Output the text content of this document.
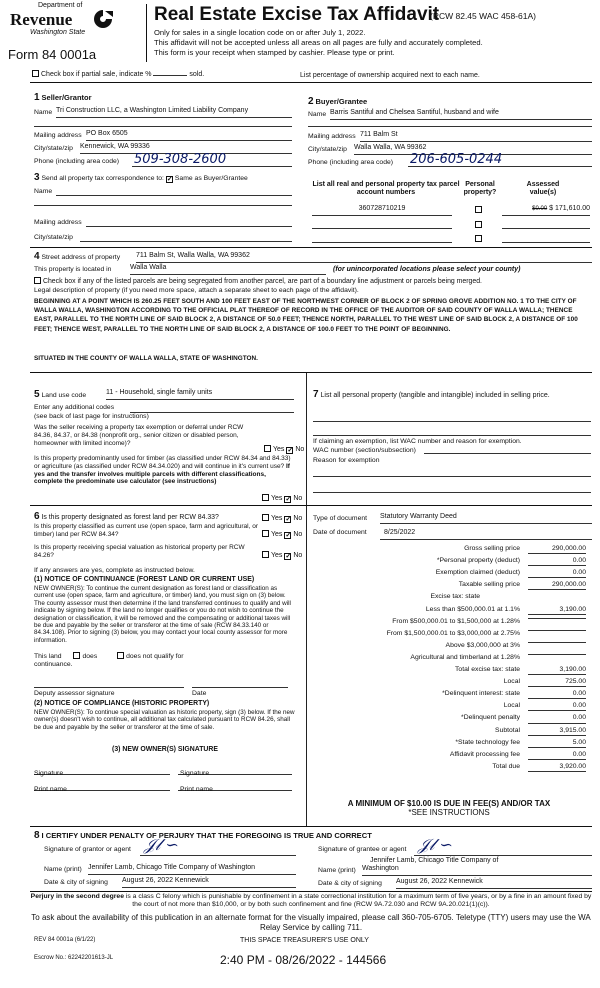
Department of
Revenue
Washington State
Form 84 0001a
Real Estate Excise Tax Affidavit
(RCW 82.45 WAC 458-61A)
Only for sales in a single location code on or after July 1, 2022.
This affidavit will not be accepted unless all areas on all pages are fully and accurately completed.
This form is your receipt when stamped by cashier. Please type or print.
Check box if partial sale, indicate %	sold.	List percentage of ownership acquired next to each name.
1 Seller/Grantor
Name Tri Construction LLC, a Washington Limited Liability Company
Mailing address PO Box 6505
City/state/zip Kennewick, WA 99336
Phone (including area code) 509-308-2600
2 Buyer/Grantee
Name Barris Santiful and Chelsea Santiful, husband and wife
Mailing address 711 Balm St
City/state/zip Walla Walla, WA 99362
Phone (including area code) 206-605-0244
3 Send all property tax correspondence to: ✓ Same as Buyer/Grantee
Name
Mailing address
City/state/zip
List all real and personal property tax parcel account numbers
Personal property?
Assessed value(s)
360728710219	$0.00 $ 171,610.00
4 Street address of property 711 Balm St, Walla Walla, WA 99362
This property is located in	Walla Walla	(for unincorporated locations please select your county)
Check box if any of the listed parcels are being segregated from another parcel, are part of a boundary line adjustment or parcels being merged.
Legal description of property (if you need more space, attach a separate sheet to each page of the affidavit).
BEGINNING AT A POINT WHICH IS 260.25 FEET SOUTH AND 100 FEET EAST OF THE NORTHWEST CORNER OF BLOCK 2 OF SPRING GROVE ADDITION NO. 1 TO THE CITY OF WALLA WALLA, WASHINGTON ACCORDING TO THE OFFICIAL PLAT THEREOF OF RECORD IN THE OFFICE OF THE AUDITOR OF SAID COUNTY OF WALLA WALLA; THENCE EAST, PARALLEL TO THE NORTH LINE OF SAID BLOCK 2, A DISTANCE OF 50.0 FEET; THENCE NORTH, PARALLEL TO THE WEST LINE OF SAID BLOCK 2, A DISTANCE OF 100 FEET; THENCE WEST, PARALLEL TO THE NORTH LINE OF SAID BLOCK 2, A DISTANCE OF 100.0 FEET TO THE POINT OF BEGINNING.
SITUATED IN THE COUNTY OF WALLA WALLA, STATE OF WASHINGTON.
5 Land use code	11 - Household, single family units
Enter any additional codes
(see back of last page for instructions)
Was the seller receiving a property tax exemption or deferral under RCW 84.36, 84.37, or 84.38 (nonprofit org., senior citizen or disabled person, homeowner with limited income)?
Yes ✓ No
Is this property predominantly used for timber (as classified under RCW 84.34 and 84.33) or agriculture (as classified under RCW 84.34.020) and will continue in it's current use? If yes and the transfer involves multiple parcels with different classifications, complete the predominate use calculator (see instructions)
Yes ✓ No
7 List all personal property (tangible and intangible) included in selling price.
If claiming an exemption, list WAC number and reason for exemption.
WAC number (section/subsection)
Reason for exemption
6 Is this property designated as forest land per RCW 84.33?	Yes ✓ No
Is this property classified as current use (open space, farm and agricultural, or timber) land per RCW 84.34?	Yes ✓ No
Is this property receiving special valuation as historical property per RCW 84.26?	Yes ✓ No
If any answers are yes, complete as instructed below.
(1) NOTICE OF CONTINUANCE (FOREST LAND OR CURRENT USE)
NEW OWNER(S): To continue the current designation as forest land or classification as current use (open space, farm and agriculture, or timber) land, you must sign on (3) below. The county assessor must then determine if the land transferred continues to qualify and will indicate by signing below. If the land no longer qualifies or you do not wish to continue the designation or classification, it will be removed and the compensating or additional taxes will be due and payable by the seller or transferor at the time of sale (RCW 84.33.140 or 84.34.108). Prior to signing (3) below, you may contact your local county assessor for more information.
This land	does	does not qualify for
continuance.
Deputy assessor signature	Date
(2) NOTICE OF COMPLIANCE (HISTORIC PROPERTY)
NEW OWNER(S): To continue special valuation as historic property, sign (3) below. If the new owner(s) doesn't wish to continue, all additional tax calculated pursuant to RCW 84.26, shall be due and payable by the seller or transferor at the time of sale.
(3) NEW OWNER(S) SIGNATURE
Signature	Signature
Print name	Print name
Type of document Statutory Warranty Deed
Date of document	8/25/2022
Gross selling price	290,000.00
*Personal property (deduct)	0.00
Exemption claimed (deduct)	0.00
Taxable selling price	290,000.00
Excise tax: state
Less than $500,000.01 at 1.1%	3,190.00
From $500,000.01 to $1,500,000 at 1.28%
From $1,500,000.01 to $3,000,000 at 2.75%
Above $3,000,000 at 3%
Agricultural and timberland at 1.28%
Total excise tax: state	3,190.00
Local	725.00
*Delinquent interest: state	0.00
Local	0.00
*Delinquent penalty	0.00
Subtotal	3,915.00
*State technology fee	5.00
Affidavit processing fee	0.00
Total due	3,920.00
A MINIMUM OF $10.00 IS DUE IN FEE(S) AND/OR TAX
*SEE INSTRUCTIONS
8 I CERTIFY UNDER PENALTY OF PERJURY THAT THE FOREGOING IS TRUE AND CORRECT
Signature of grantor or agent 𝒥𝓁 ∽	Signature of grantee or agent 𝒥𝓁 ∽
Name (print) Jennifer Lamb, Chicago Title Company of Washington
Jennifer Lamb, Chicago Title Company of
Name (print) Washington
Date & city of signing August 26, 2022 Kennewick	Date & city of signing August 26, 2022 Kennewick
Perjury in the second degree is a class C felony which is punishable by confinement in a state correctional institution for a maximum term of five years, or by a fine in an amount fixed by the court of not more than $10,000, or by both such confinement and fine (RCW 9A.72.030 and RCW 9A.20.021(1)(c)).
To ask about the availability of this publication in an alternate format for the visually impaired, please call 360-705-6705. Teletype (TTY) users may use the WA Relay Service by calling 711.
REV 84 0001a (6/1/22)	THIS SPACE TREASURER'S USE ONLY
Escrow No.: 62242201613-JL	2:40 PM - 08/26/2022 - 144566
